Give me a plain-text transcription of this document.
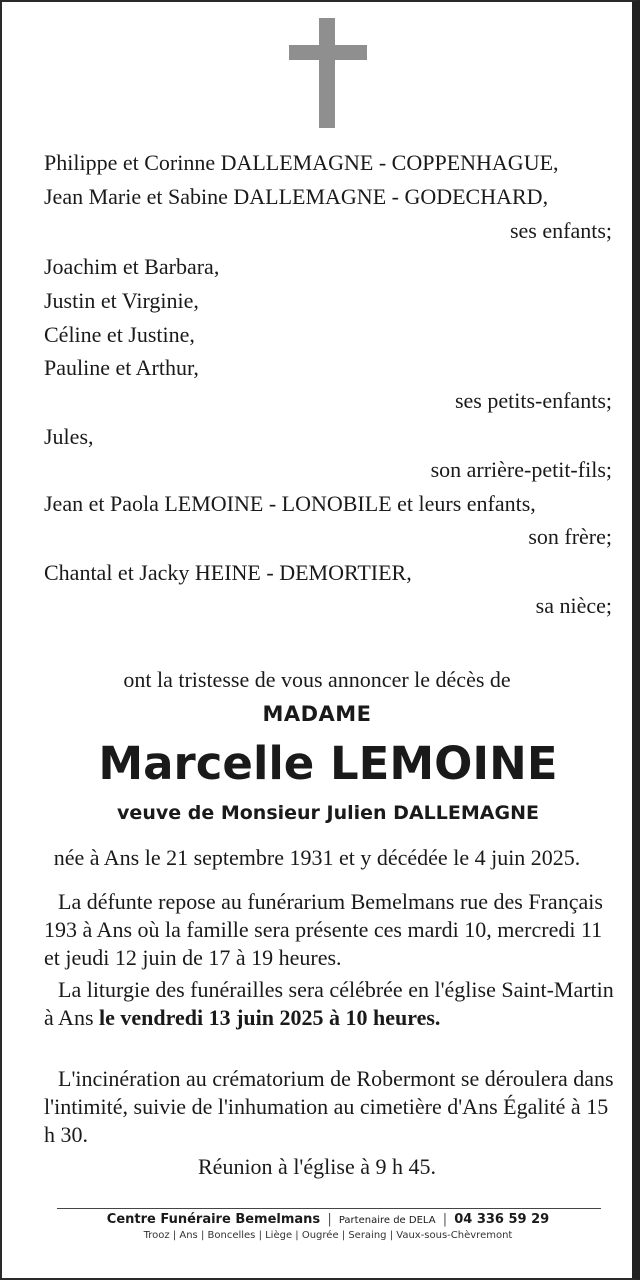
Philippe et Corinne DALLEMAGNE - COPPENHAGUE,
Jean Marie et Sabine DALLEMAGNE - GODECHARD,
ses enfants;
Joachim et Barbara,
Justin et Virginie,
Céline et Justine,
Pauline et Arthur,
ses petits-enfants;
Jules,
son arrière-petit-fils;
Jean et Paola LEMOINE - LONOBILE et leurs enfants,
son frère;
Chantal et Jacky HEINE - DEMORTIER,
sa nièce;
ont la tristesse de vous annoncer le décès de
MADAME
Marcelle LEMOINE
veuve de Monsieur Julien DALLEMAGNE
née à Ans le 21 septembre 1931 et y décédée le 4 juin 2025.
La défunte repose au funérarium Bemelmans rue des Français 193 à Ans où la famille sera présente ces mardi 10, mercredi 11 et jeudi 12 juin de 17 à 19 heures.
La liturgie des funérailles sera célébrée en l'église Saint-Martin à Ans le vendredi 13 juin 2025 à 10 heures.
L'incinération au crématorium de Robermont se déroulera dans l'intimité, suivie de l'inhumation au cimetière d'Ans Égalité à 15 h 30.
Réunion à l'église à 9 h 45.
Centre Funéraire Bemelmans | Partenaire de DELA | 04 336 59 29
Trooz | Ans | Boncelles | Liège | Ougrée | Seraing | Vaux-sous-Chèvremont
